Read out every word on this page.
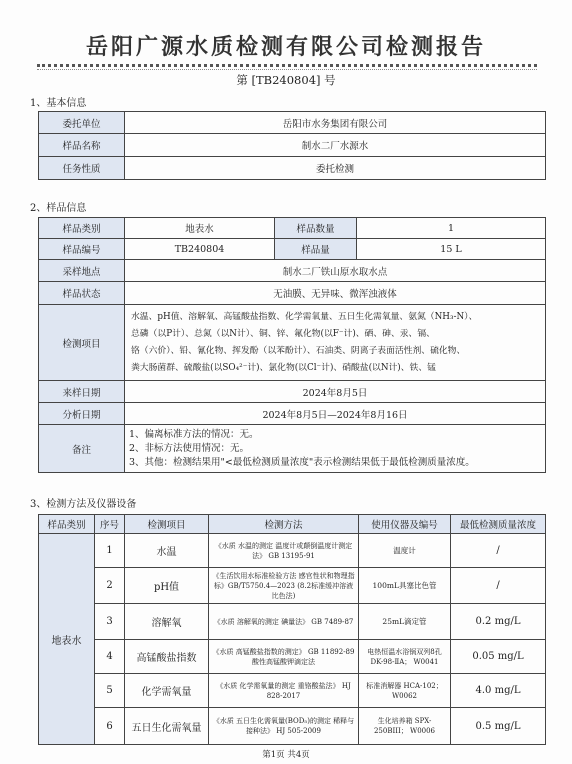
岳阳广源水质检测有限公司检测报告
第 [TB240804] 号
1、基本信息
委托单位	岳阳市水务集团有限公司
样品名称	制水二厂水源水
任务性质	委托检测
2、样品信息
样品类别	地表水	样品数量	1
样品编号	TB240804	样品量	15 L
采样地点	制水二厂铁山原水取水点		
样品状态	无油膜、无异味、微浑浊液体		
检测项目	水温、pH值、溶解氧、高锰酸盐指数、化学需氧量、五日生化需氧量、氨氮（NH₃-N）、
总磷（以P计）、总氮（以N计）、铜、锌、氟化物(以F⁻计)、硒、砷、汞、镉、
铬（六价）、铅、氰化物、挥发酚（以苯酚计）、石油类、阴离子表面活性剂、硫化物、
粪大肠菌群、硫酸盐(以SO₄²⁻计)、氯化物(以Cl⁻计)、硝酸盐(以N计)、铁、锰		

来样日期	2024年8月5日		
分析日期	2024年8月5日—2024年8月16日		
备注	1、偏离标准方法的情况：无。
2、非标方法使用情况：无。
3、其他：检测结果用"<最低检测质量浓度"表示检测结果低于最低检测质量浓度。		
3、检测方法及仪器设备
样品类别	序号	检测项目	检测方法	使用仪器及编号	最低检测质量浓度
地表水	1	水温	《水质 水温的测定 温度计或颠倒温度计测定法》 GB 13195-91	温度计	/
	2	pH值	《生活饮用水标准检验方法 感官性状和物理指标》GB/T5750.4—2023 (8.2标准缓冲溶液比色法)	100mL具塞比色管	/
	3	溶解氧	《水质 溶解氧的测定 碘量法》 GB 7489-87	25mL滴定管	0.2 mg/L
	4	高锰酸盐指数	《水质 高锰酸盐指数的测定》 GB 11892-89 酸性高锰酸钾滴定法	电热恒温水浴锅双列8孔 DK-98-ⅡA； W0041	0.05 mg/L
	5	化学需氧量	《水质 化学需氧量的测定 重铬酸盐法》 HJ 828-2017	标准消解器 HCA-102； W0062	4.0 mg/L
	6	五日生化需氧量	《水质 五日生化需氧量(BOD₅)的测定 稀释与接种法》 HJ 505-2009	生化培养箱 SPX-250BIII； W0006	0.5 mg/L
第1页 共4页
